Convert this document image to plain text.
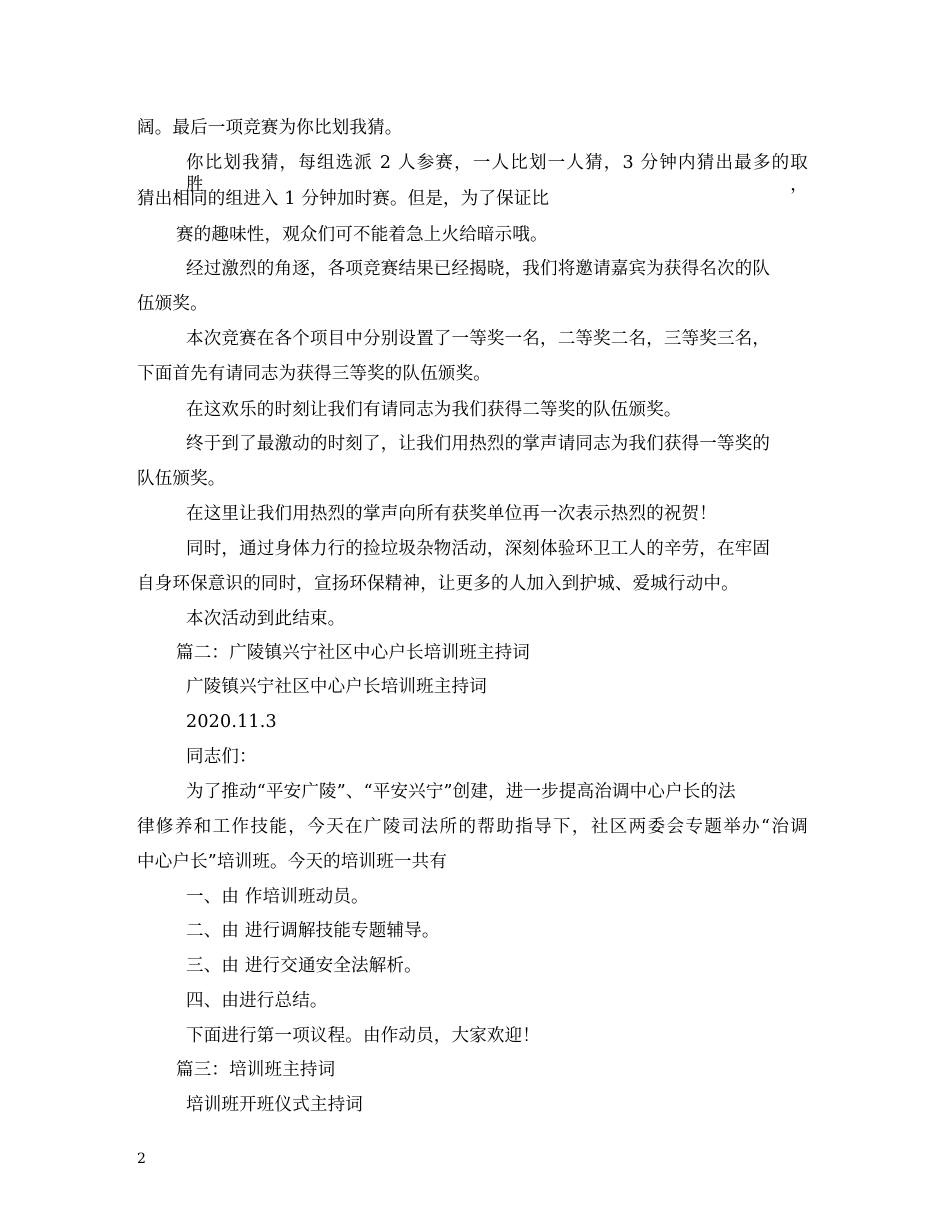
阔。最后一项竞赛为你比划我猜。
你比划我猜，每组选派 2 人参赛，一人比划一人猜，3 分钟内猜出最多的取胜，
猜出相同的组进入 1 分钟加时赛。但是，为了保证比
赛的趣味性，观众们可不能着急上火给暗示哦。
经过激烈的角逐，各项竞赛结果已经揭晓，我们将邀请嘉宾为获得名次的队
伍颁奖。
本次竞赛在各个项目中分别设置了一等奖一名，二等奖二名，三等奖三名，
下面首先有请同志为获得三等奖的队伍颁奖。
在这欢乐的时刻让我们有请同志为我们获得二等奖的队伍颁奖。
终于到了最激动的时刻了，让我们用热烈的掌声请同志为我们获得一等奖的
队伍颁奖。
在这里让我们用热烈的掌声向所有获奖单位再一次表示热烈的祝贺！
同时，通过身体力行的捡垃圾杂物活动，深刻体验环卫工人的辛劳，在牢固
自身环保意识的同时，宣扬环保精神，让更多的人加入到护城、爱城行动中。
本次活动到此结束。
篇二：广陵镇兴宁社区中心户长培训班主持词
广陵镇兴宁社区中心户长培训班主持词
2020.11.3
同志们：
为了推动“平安广陵”、“平安兴宁”创建，进一步提高治调中心户长的法
律修养和工作技能，今天在广陵司法所的帮助指导下，社区两委会专题举办“治调
中心户长”培训班。今天的培训班一共有
一、由 作培训班动员。
二、由 进行调解技能专题辅导。
三、由 进行交通安全法解析。
四、由进行总结。
下面进行第一项议程。由作动员，大家欢迎！
篇三：培训班主持词
培训班开班仪式主持词
2
